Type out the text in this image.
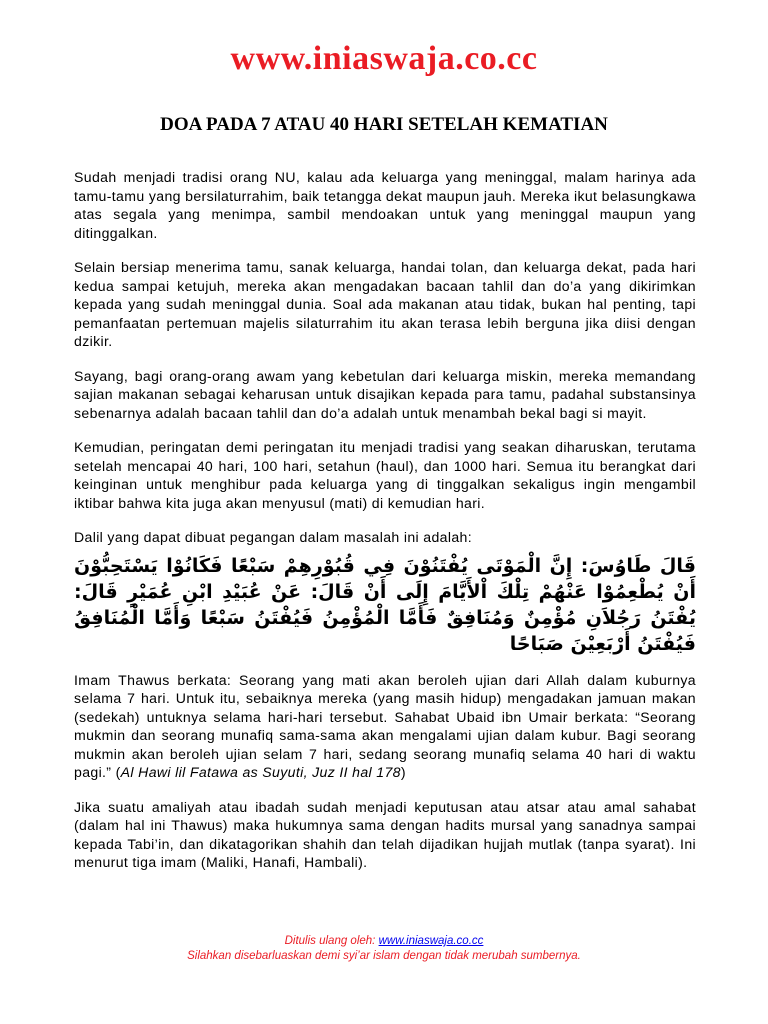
www.iniaswaja.co.cc
DOA PADA 7 ATAU 40 HARI SETELAH KEMATIAN

Sudah menjadi tradisi orang NU, kalau ada keluarga yang meninggal, malam harinya ada tamu-tamu yang bersilaturrahim, baik tetangga dekat maupun jauh. Mereka ikut belasungkawa atas segala yang menimpa, sambil mendoakan untuk yang meninggal maupun yang ditinggalkan.

Selain bersiap menerima tamu, sanak keluarga, handai tolan, dan keluarga dekat, pada hari kedua sampai ketujuh, mereka akan mengadakan bacaan tahlil dan do’a yang dikirimkan kepada yang sudah meninggal dunia. Soal ada makanan atau tidak, bukan hal penting, tapi pemanfaatan pertemuan majelis silaturrahim itu akan terasa lebih berguna jika diisi dengan dzikir.

Sayang, bagi orang-orang awam yang kebetulan dari keluarga miskin, mereka memandang sajian makanan sebagai keharusan untuk disajikan kepada para tamu, padahal substansinya sebenarnya adalah bacaan tahlil dan do’a adalah untuk menambah bekal bagi si mayit.

Kemudian, peringatan demi peringatan itu menjadi tradisi yang seakan diharuskan, terutama setelah mencapai 40 hari, 100 hari, setahun (haul), dan 1000 hari. Semua itu berangkat dari keinginan untuk menghibur pada keluarga yang di tinggalkan sekaligus ingin mengambil iktibar bahwa kita juga akan menyusul (mati) di kemudian hari.

Dalil yang dapat dibuat pegangan dalam masalah ini adalah:

قَالَ طَاوُسَ: إِنَّ الْمَوْتَى يُفْتَنُوْنَ فِي قُبُوْرِهِمْ سَبْعًا فَكَانُوْا يَسْتَحِبُّوْنَ أَنْ يُطْعِمُوْا عَنْهُمْ تِلْكَ اْلأَيَّامَ إِلَى أَنْ قَالَ: عَنْ عُبَيْدِ ابْنِ عُمَيْرٍ قَالَ: يُفْتَنُ رَجُلاَنِ مُؤْمِنٌ وَمُنَافِقٌ فَأَمَّا الْمُؤْمِنُ فَيُفْتَنُ سَبْعًا وَأَمَّا الْمُنَافِقُ فَيُفْتَنُ أَرْبَعِيْنَ صَبَاحًا

Imam Thawus berkata: Seorang yang mati akan beroleh ujian dari Allah dalam kuburnya selama 7 hari. Untuk itu, sebaiknya mereka (yang masih hidup) mengadakan jamuan makan (sedekah) untuknya selama hari-hari tersebut. Sahabat Ubaid ibn Umair berkata: “Seorang mukmin dan seorang munafiq sama-sama akan mengalami ujian dalam kubur. Bagi seorang mukmin akan beroleh ujian selam 7 hari, sedang seorang munafiq selama 40 hari di waktu pagi.” (Al Hawi lil Fatawa as Suyuti, Juz II hal 178)

Jika suatu amaliyah atau ibadah sudah menjadi keputusan atau atsar atau amal sahabat (dalam hal ini Thawus) maka hukumnya sama dengan hadits mursal yang sanadnya sampai kepada Tabi’in, dan dikatagorikan shahih dan telah dijadikan hujjah mutlak (tanpa syarat). Ini menurut tiga imam (Maliki, Hanafi, Hambali).

Ditulis ulang oleh: www.iniaswaja.co.cc
Silahkan disebarluaskan demi syi’ar islam dengan tidak merubah sumbernya.
